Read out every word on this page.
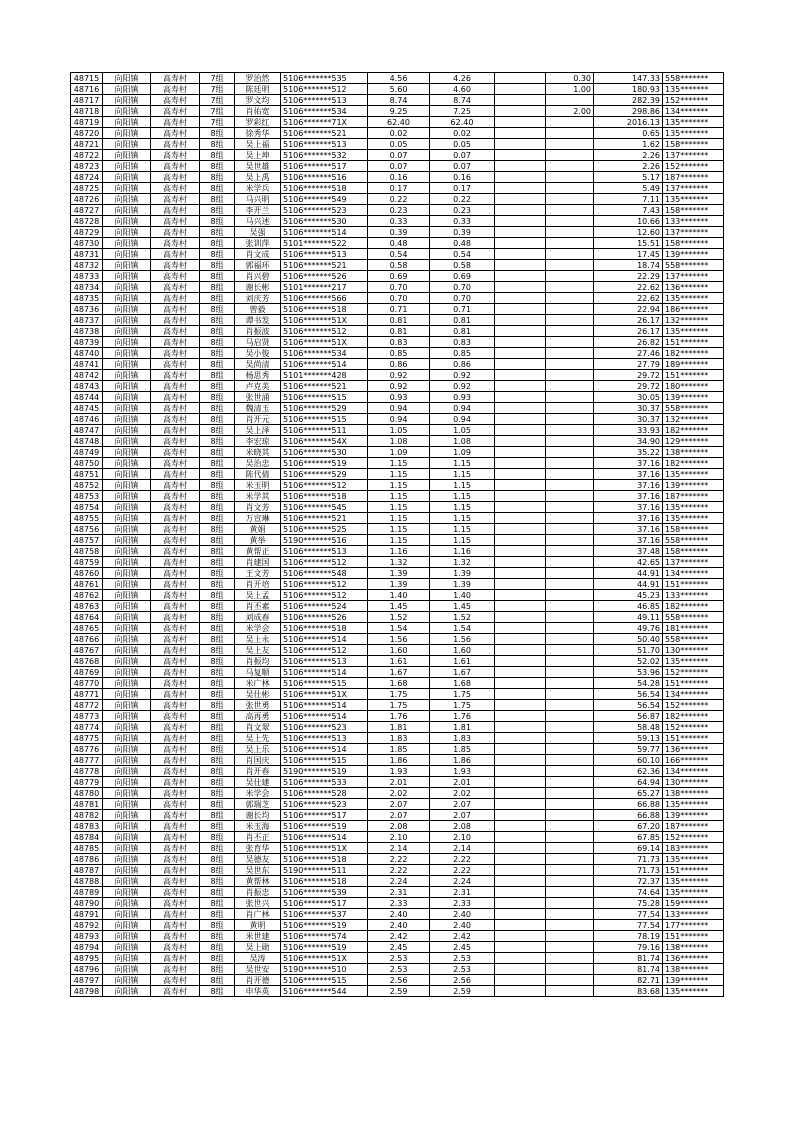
48715	向阳镇	高寿村	7组	罗治然	5106*******535	4.56	4.26		0.30	147.33	558*******
48716	向阳镇	高寿村	7组	陈廷明	5106*******512	5.60	4.60		1.00	180.93	135*******
48717	向阳镇	高寿村	7组	罗文均	5106*******513	8.74	8.74			282.39	152*******
48718	向阳镇	高寿村	7组	肖佑宽	5106*******534	9.25	7.25		2.00	298.86	134*******
48719	向阳镇	高寿村	7组	罗彩红	5106*******71X	62.40	62.40			2016.13	135*******
48720	向阳镇	高寿村	8组	徐秀华	5106*******521	0.02	0.02			0.65	135*******
48721	向阳镇	高寿村	8组	吴上福	5106*******513	0.05	0.05			1.62	158*******
48722	向阳镇	高寿村	8组	吴上坤	5106*******532	0.07	0.07			2.26	137*******
48723	向阳镇	高寿村	8组	吴世雄	5106*******517	0.07	0.07			2.26	152*******
48724	向阳镇	高寿村	8组	吴上禹	5106*******516	0.16	0.16			5.17	187*******
48725	向阳镇	高寿村	8组	米学兵	5106*******518	0.17	0.17			5.49	137*******
48726	向阳镇	高寿村	8组	马兴明	5106*******549	0.22	0.22			7.11	135*******
48727	向阳镇	高寿村	8组	李开兰	5106*******523	0.23	0.23			7.43	158*******
48728	向阳镇	高寿村	8组	马兴述	5106*******530	0.33	0.33			10.66	133*******
48729	向阳镇	高寿村	8组	吴强	5106*******514	0.39	0.39			12.60	137*******
48730	向阳镇	高寿村	8组	张训萍	5101*******522	0.48	0.48			15.51	158*******
48731	向阳镇	高寿村	8组	肖文成	5106*******513	0.54	0.54			17.45	139*******
48732	向阳镇	高寿村	8组	郭福环	5106*******521	0.58	0.58			18.74	558*******
48733	向阳镇	高寿村	8组	肖兴碧	5106*******526	0.69	0.69			22.29	137*******
48734	向阳镇	高寿村	8组	谢长彬	5101*******217	0.70	0.70			22.62	136*******
48735	向阳镇	高寿村	8组	刘庆芳	5106*******566	0.70	0.70			22.62	135*******
48736	向阳镇	高寿村	8组	曾毅	5106*******518	0.71	0.71			22.94	186*******
48737	向阳镇	高寿村	8组	谭书发	5106*******51X	0.81	0.81			26.17	132*******
48738	向阳镇	高寿村	8组	肖振波	5106*******512	0.81	0.81			26.17	135*******
48739	向阳镇	高寿村	8组	马启贤	5106*******51X	0.83	0.83			26.82	151*******
48740	向阳镇	高寿村	8组	吴小俊	5106*******534	0.85	0.85			27.46	182*******
48741	向阳镇	高寿村	8组	吴尚清	5106*******514	0.86	0.86			27.79	189*******
48742	向阳镇	高寿村	8组	杨思秀	5101*******428	0.92	0.92			29.72	151*******
48743	向阳镇	高寿村	8组	卢克美	5106*******521	0.92	0.92			29.72	180*******
48744	向阳镇	高寿村	8组	张世涌	5106*******515	0.93	0.93			30.05	139*******
48745	向阳镇	高寿村	8组	魏清玉	5106*******529	0.94	0.94			30.37	558*******
48746	向阳镇	高寿村	8组	肖开元	5106*******515	0.94	0.94			30.37	132*******
48747	向阳镇	高寿村	8组	吴上泽	5106*******511	1.05	1.05			33.93	182*******
48748	向阳镇	高寿村	8组	李宏琼	5106*******54X	1.08	1.08			34.90	129*******
48749	向阳镇	高寿村	8组	米晓其	5106*******530	1.09	1.09			35.22	138*******
48750	向阳镇	高寿村	8组	吴治忠	5106*******519	1.15	1.15			37.16	182*******
48751	向阳镇	高寿村	8组	陈代倩	5106*******529	1.15	1.15			37.16	135*******
48752	向阳镇	高寿村	8组	米玉明	5106*******512	1.15	1.15			37.16	139*******
48753	向阳镇	高寿村	8组	米学其	5106*******518	1.15	1.15			37.16	187*******
48754	向阳镇	高寿村	8组	肖文芳	5106*******545	1.15	1.15			37.16	135*******
48755	向阳镇	高寿村	8组	万宣琳	5106*******521	1.15	1.15			37.16	135*******
48756	向阳镇	高寿村	8组	黄娟	5106*******525	1.15	1.15			37.16	158*******
48757	向阳镇	高寿村	8组	黄举	5190*******516	1.15	1.15			37.16	558*******
48758	向阳镇	高寿村	8组	黄帮正	5106*******513	1.16	1.16			37.48	158*******
48759	向阳镇	高寿村	8组	肖建国	5106*******512	1.32	1.32			42.65	137*******
48760	向阳镇	高寿村	8组	王文芳	5106*******548	1.39	1.39			44.91	134*******
48761	向阳镇	高寿村	8组	肖开培	5106*******512	1.39	1.39			44.91	151*******
48762	向阳镇	高寿村	8组	吴上孟	5106*******512	1.40	1.40			45.23	133*******
48763	向阳镇	高寿村	8组	肖丕素	5106*******524	1.45	1.45			46.85	182*******
48764	向阳镇	高寿村	8组	刘成春	5106*******526	1.52	1.52			49.11	558*******
48765	向阳镇	高寿村	8组	米学会	5106*******518	1.54	1.54			49.76	181*******
48766	向阳镇	高寿村	8组	吴上永	5106*******514	1.56	1.56			50.40	558*******
48767	向阳镇	高寿村	8组	吴上友	5106*******512	1.60	1.60			51.70	130*******
48768	向阳镇	高寿村	8组	肖振均	5106*******513	1.61	1.61			52.02	135*******
48769	向阳镇	高寿村	8组	马复顺	5106*******514	1.67	1.67			53.96	152*******
48770	向阳镇	高寿村	8组	米广林	5106*******515	1.68	1.68			54.28	151*******
48771	向阳镇	高寿村	8组	吴仕彬	5106*******51X	1.75	1.75			56.54	134*******
48772	向阳镇	高寿村	8组	张世勇	5106*******514	1.75	1.75			56.54	152*******
48773	向阳镇	高寿村	8组	高再勇	5106*******514	1.76	1.76			56.87	182*******
48774	向阳镇	高寿村	8组	肖文翠	5106*******523	1.81	1.81			58.48	152*******
48775	向阳镇	高寿村	8组	吴上先	5106*******513	1.83	1.83			59.13	151*******
48776	向阳镇	高寿村	8组	吴上乐	5106*******514	1.85	1.85			59.77	136*******
48777	向阳镇	高寿村	8组	肖国庆	5106*******515	1.86	1.86			60.10	166*******
48778	向阳镇	高寿村	8组	肖开春	5190*******519	1.93	1.93			62.36	134*******
48779	向阳镇	高寿村	8组	吴仕建	5106*******533	2.01	2.01			64.94	130*******
48780	向阳镇	高寿村	8组	米学会	5106*******528	2.02	2.02			65.27	138*******
48781	向阳镇	高寿村	8组	郭瑞芝	5106*******523	2.07	2.07			66.88	135*******
48782	向阳镇	高寿村	8组	谢长均	5106*******517	2.07	2.07			66.88	139*******
48783	向阳镇	高寿村	8组	米玉海	5106*******519	2.08	2.08			67.20	187*******
48784	向阳镇	高寿村	8组	肖丕正	5106*******514	2.10	2.10			67.85	152*******
48785	向阳镇	高寿村	8组	张育华	5106*******51X	2.14	2.14			69.14	183*******
48786	向阳镇	高寿村	8组	吴德友	5106*******518	2.22	2.22			71.73	135*******
48787	向阳镇	高寿村	8组	吴世东	5190*******511	2.22	2.22			71.73	151*******
48788	向阳镇	高寿村	8组	黄帮林	5106*******518	2.24	2.24			72.37	135*******
48789	向阳镇	高寿村	8组	肖振忠	5106*******539	2.31	2.31			74.64	135*******
48790	向阳镇	高寿村	8组	张世兴	5106*******517	2.33	2.33			75.28	159*******
48791	向阳镇	高寿村	8组	肖广林	5106*******537	2.40	2.40			77.54	133*******
48792	向阳镇	高寿村	8组	黄明	5106*******519	2.40	2.40			77.54	177*******
48793	向阳镇	高寿村	8组	米世建	5106*******574	2.42	2.42			78.19	151*******
48794	向阳镇	高寿村	8组	吴上勋	5106*******519	2.45	2.45			79.16	138*******
48795	向阳镇	高寿村	8组	吴涛	5106*******51X	2.53	2.53			81.74	136*******
48796	向阳镇	高寿村	8组	吴世安	5190*******510	2.53	2.53			81.74	138*******
48797	向阳镇	高寿村	8组	肖开德	5106*******515	2.56	2.56			82.71	139*******
48798	向阳镇	高寿村	8组	申华英	5106*******544	2.59	2.59			83.68	135*******
